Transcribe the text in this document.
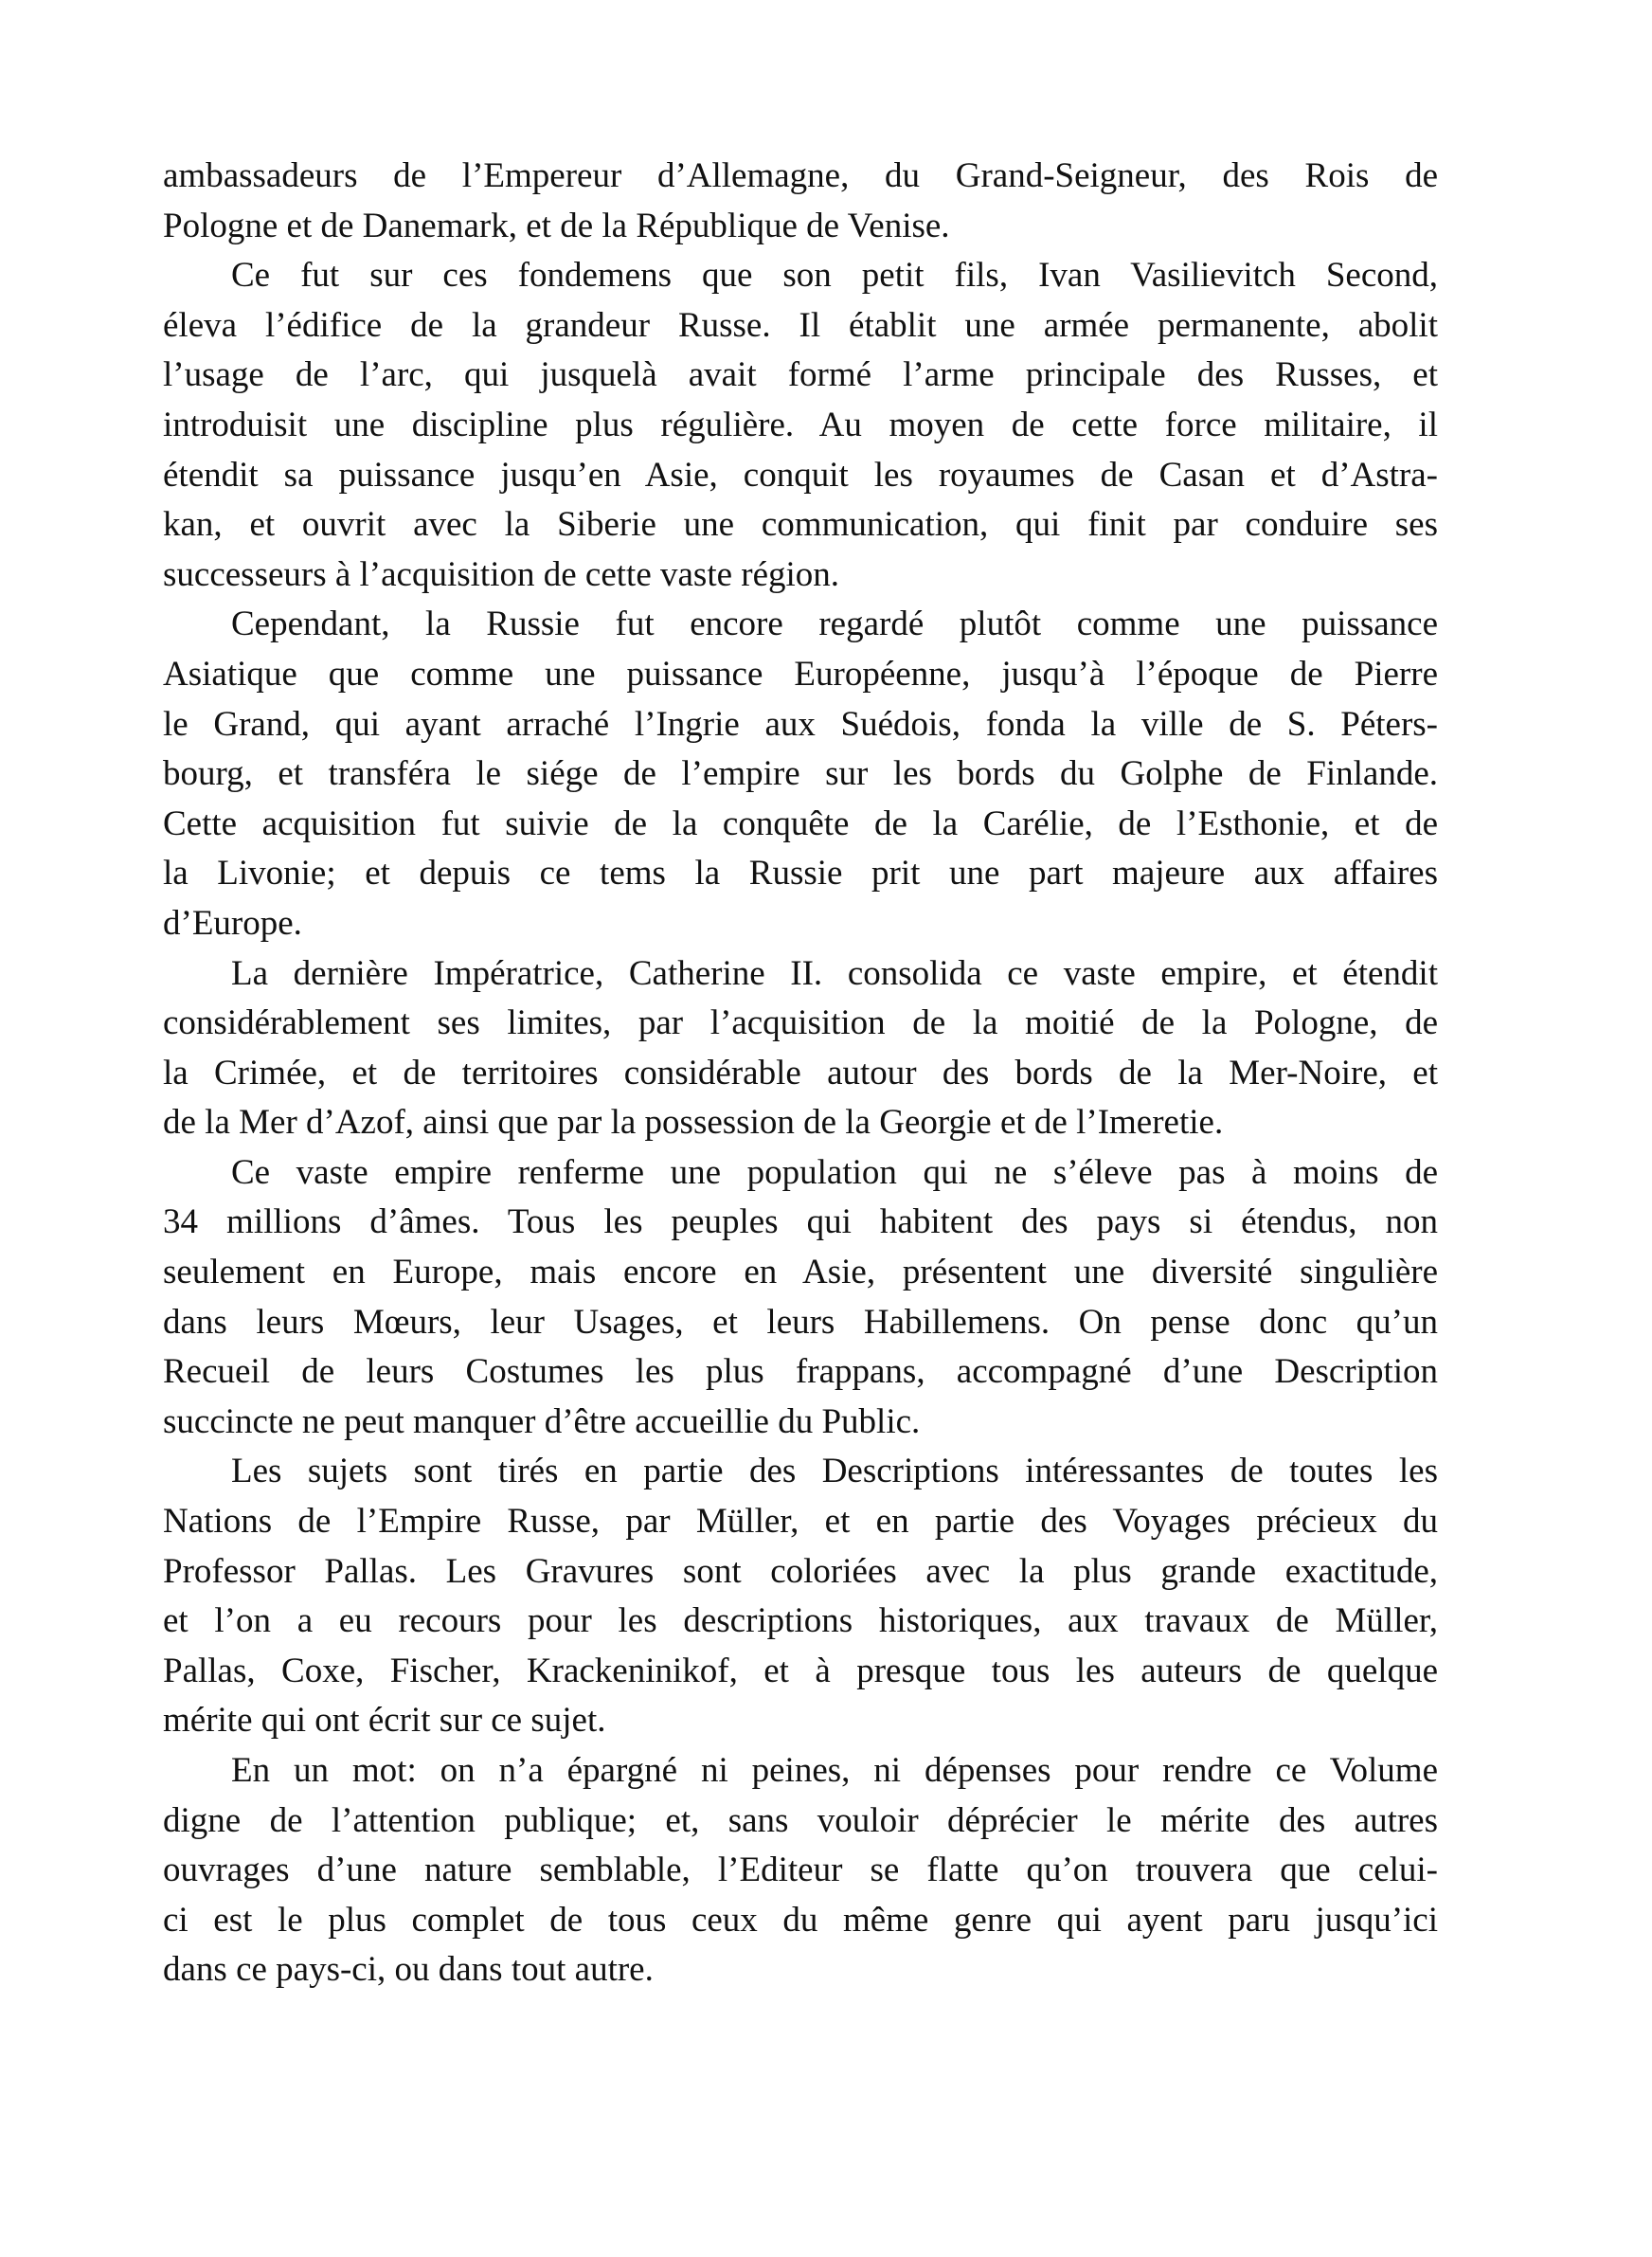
ambassadeurs de l’Empereur d’Allemagne, du Grand-Seigneur, des Rois de
Pologne et de Danemark, et de la République de Venise.
Ce fut sur ces fondemens que son petit fils, Ivan Vasilievitch Second,
éleva l’édifice de la grandeur Russe. Il établit une armée permanente, abolit
l’usage de l’arc, qui jusquelà avait formé l’arme principale des Russes, et
introduisit une discipline plus régulière. Au moyen de cette force militaire, il
étendit sa puissance jusqu’en Asie, conquit les royaumes de Casan et d’Astra-
kan, et ouvrit avec la Siberie une communication, qui finit par conduire ses
successeurs à l’acquisition de cette vaste région.
Cependant, la Russie fut encore regardé plutôt comme une puissance
Asiatique que comme une puissance Européenne, jusqu’à l’époque de Pierre
le Grand, qui ayant arraché l’Ingrie aux Suédois, fonda la ville de S. Péters-
bourg, et transféra le siége de l’empire sur les bords du Golphe de Finlande.
Cette acquisition fut suivie de la conquête de la Carélie, de l’Esthonie, et de
la Livonie; et depuis ce tems la Russie prit une part majeure aux affaires
d’Europe.
La dernière Impératrice, Catherine II. consolida ce vaste empire, et étendit
considérablement ses limites, par l’acquisition de la moitié de la Pologne, de
la Crimée, et de territoires considérable autour des bords de la Mer-Noire, et
de la Mer d’Azof, ainsi que par la possession de la Georgie et de l’Imeretie.
Ce vaste empire renferme une population qui ne s’éleve pas à moins de
34 millions d’âmes. Tous les peuples qui habitent des pays si étendus, non
seulement en Europe, mais encore en Asie, présentent une diversité singulière
dans leurs Mœurs, leur Usages, et leurs Habillemens. On pense donc qu’un
Recueil de leurs Costumes les plus frappans, accompagné d’une Description
succincte ne peut manquer d’être accueillie du Public.
Les sujets sont tirés en partie des Descriptions intéressantes de toutes les
Nations de l’Empire Russe, par Müller, et en partie des Voyages précieux du
Professor Pallas. Les Gravures sont coloriées avec la plus grande exactitude,
et l’on a eu recours pour les descriptions historiques, aux travaux de Müller,
Pallas, Coxe, Fischer, Krackeninikof, et à presque tous les auteurs de quelque
mérite qui ont écrit sur ce sujet.
En un mot: on n’a épargné ni peines, ni dépenses pour rendre ce Volume
digne de l’attention publique; et, sans vouloir déprécier le mérite des autres
ouvrages d’une nature semblable, l’Editeur se flatte qu’on trouvera que celui-
ci est le plus complet de tous ceux du même genre qui ayent paru jusqu’ici
dans ce pays-ci, ou dans tout autre.
